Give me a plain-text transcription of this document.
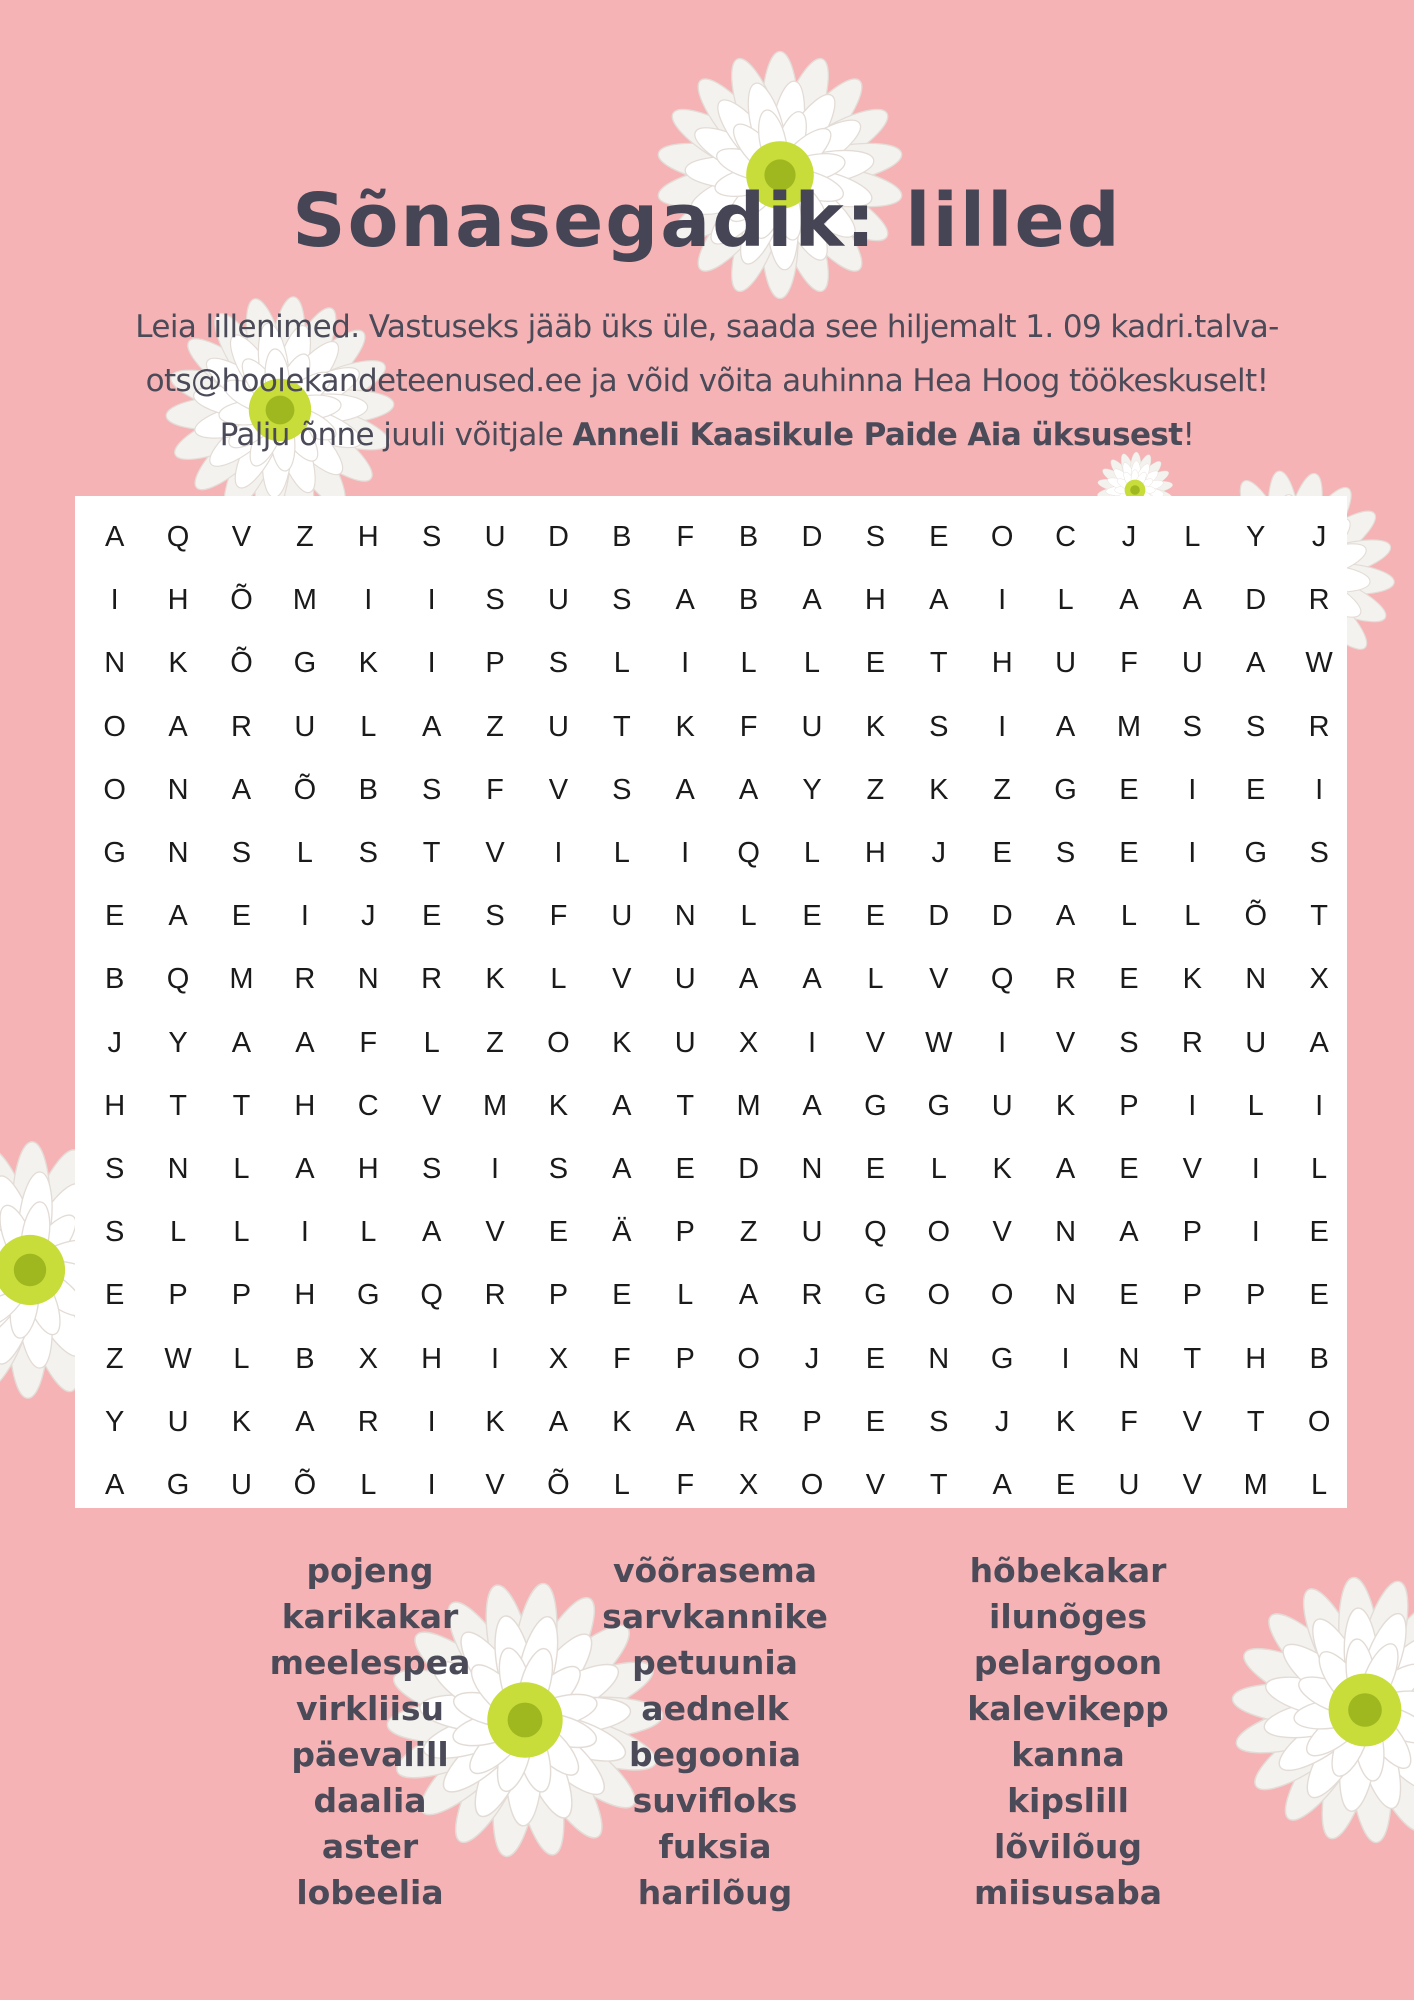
Sõnasegadik: lilled

Leia lillenimed. Vastuseks jääb üks üle, saada see hiljemalt 1. 09 kadri.talva-
ots@hoolekandeteenused.ee ja võid võita auhinna Hea Hoog töökeskuselt!
Palju õnne juuli võitjale Anneli Kaasikule Paide Aia üksusest!

A	Q	V	Z	H	S	U	D	B	F	B	D	S	E	O	C	J	L	Y	J
I	H	Õ	M	I	I	S	U	S	A	B	A	H	A	I	L	A	A	D	R
N	K	Õ	G	K	I	P	S	L	I	L	L	E	T	H	U	F	U	A	W
O	A	R	U	L	A	Z	U	T	K	F	U	K	S	I	A	M	S	S	R
O	N	A	Õ	B	S	F	V	S	A	A	Y	Z	K	Z	G	E	I	E	I
G	N	S	L	S	T	V	I	L	I	Q	L	H	J	E	S	E	I	G	S
E	A	E	I	J	E	S	F	U	N	L	E	E	D	D	A	L	L	Õ	T
B	Q	M	R	N	R	K	L	V	U	A	A	L	V	Q	R	E	K	N	X
J	Y	A	A	F	L	Z	O	K	U	X	I	V	W	I	V	S	R	U	A
H	T	T	H	C	V	M	K	A	T	M	A	G	G	U	K	P	I	L	I
S	N	L	A	H	S	I	S	A	E	D	N	E	L	K	A	E	V	I	L
S	L	L	I	L	A	V	E	Ä	P	Z	U	Q	O	V	N	A	P	I	E
E	P	P	H	G	Q	R	P	E	L	A	R	G	O	O	N	E	P	P	E
Z	W	L	B	X	H	I	X	F	P	O	J	E	N	G	I	N	T	H	B
Y	U	K	A	R	I	K	A	K	A	R	P	E	S	J	K	F	V	T	O
A	G	U	Õ	L	I	V	Õ	L	F	X	O	V	T	A	E	U	V	M	L
pojeng
karikakar
meelespea
virkliisu
päevalill
daalia
aster
lobeelia
võõrasema
sarvkannike
petuunia
aednelk
begoonia
suvifloks
fuksia
harilõug
hõbekakar
ilunõges
pelargoon
kalevikepp
kanna
kipslill
lõvilõug
miisusaba
